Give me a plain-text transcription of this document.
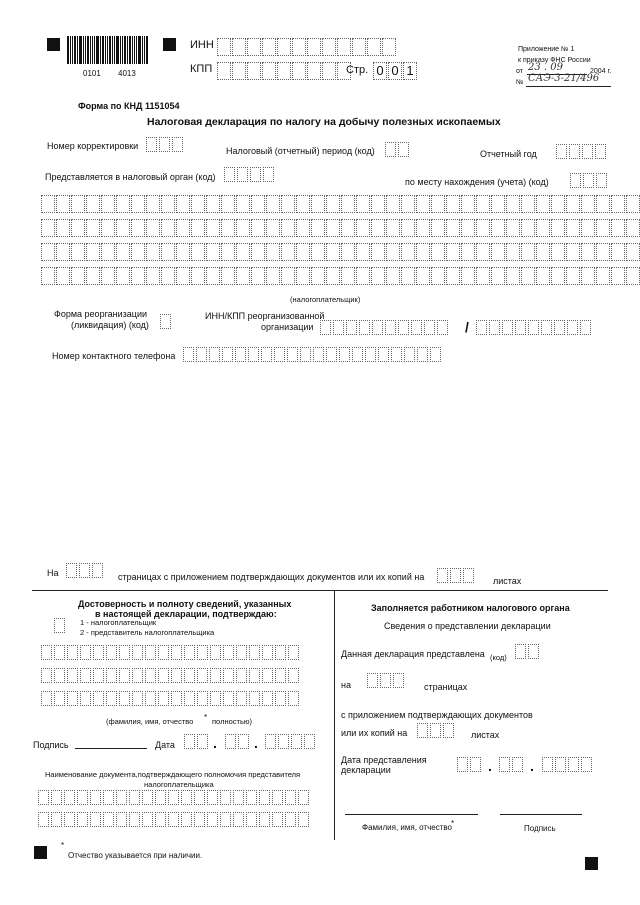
0101 4013
ИНН
КПП	Стр. 0 0 1
Приложение № 1
к приказу ФНС России
от 23 . 09	2004 г.
№ САЭ-3-21/496
Форма по КНД 1151054
Налоговая декларация по налогу на добычу полезных ископаемых
Номер корректировки	Налоговый (отчетный) период (код)	Отчетный год
Представляется в налоговый орган (код)	по месту нахождения (учета) (код)
(налогоплательщик)
Форма реорганизации
(ликвидация) (код)
ИНН/КПП реорганизованной
организации	/
Номер контактного телефона
На	страницах с приложением подтверждающих документов или их копий на	листах
Достоверность и полноту сведений, указанных
в настоящей декларации, подтверждаю:
1 - налогоплательщик
2 - представитель налогоплательщика
(фамилия, имя, отчество * полностью)
Подпись	Дата	.	.
Наименование документа,подтверждающего полномочия представителя
налогоплательщика
Заполняется работником налогового органа
Сведения о представлении декларации
Данная декларация представлена (код)
на	страницах
с приложением подтверждающих документов
или их копий на	листах
Дата представления
декларации	.	.
Фамилия, имя, отчество *
Подпись
*
Отчество указывается при наличии.
